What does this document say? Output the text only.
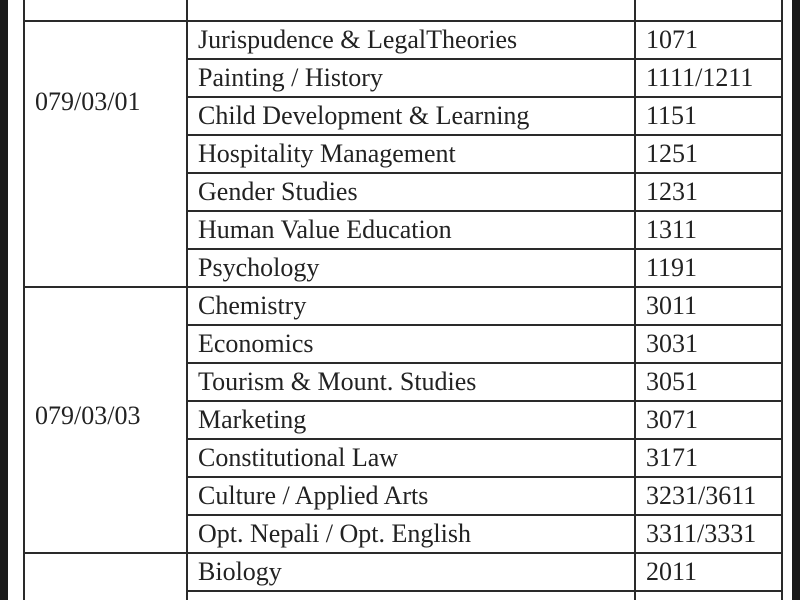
079/03/01	Jurispudence & LegalTheories	1071
	Painting / History	1111/1211
	Child Development & Learning	1151
	Hospitality Management	1251
	Gender Studies	1231
	Human Value Education	1311
	Psychology	1191
079/03/03	Chemistry	3011
	Economics	3031
	Tourism & Mount. Studies	3051
	Marketing	3071
	Constitutional Law	3171
	Culture / Applied Arts	3231/3611
	Opt. Nepali / Opt. English	3311/3331
	Biology	2011
